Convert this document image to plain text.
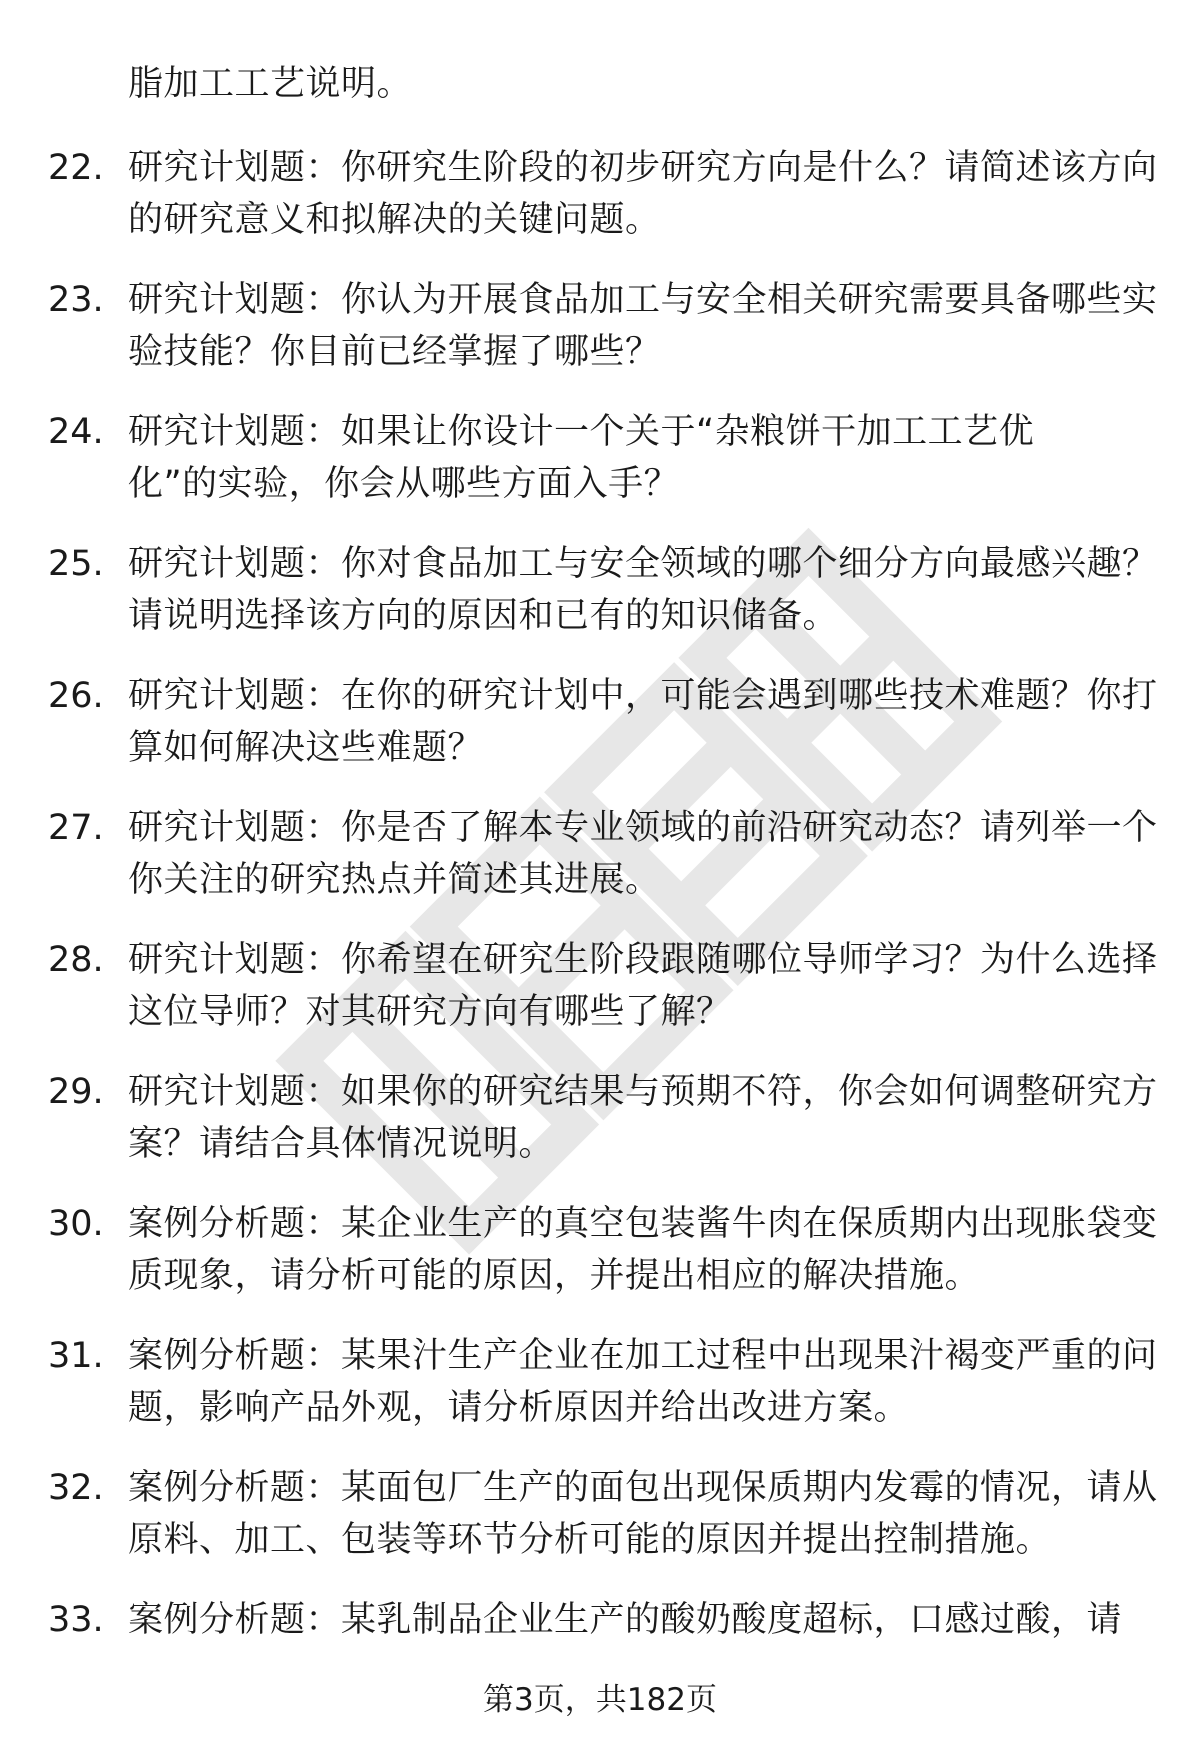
脂加工工艺说明。
22. 研究计划题：你研究生阶段的初步研究方向是什么？请简述该方向的研究意义和拟解决的关键问题。
23. 研究计划题：你认为开展食品加工与安全相关研究需要具备哪些实验技能？你目前已经掌握了哪些？
24. 研究计划题：如果让你设计一个关于“杂粮饼干加工工艺优化”的实验，你会从哪些方面入手？
25. 研究计划题：你对食品加工与安全领域的哪个细分方向最感兴趣？请说明选择该方向的原因和已有的知识储备。
26. 研究计划题：在你的研究计划中，可能会遇到哪些技术难题？你打算如何解决这些难题？
27. 研究计划题：你是否了解本专业领域的前沿研究动态？请列举一个你关注的研究热点并简述其进展。
28. 研究计划题：你希望在研究生阶段跟随哪位导师学习？为什么选择这位导师？对其研究方向有哪些了解？
29. 研究计划题：如果你的研究结果与预期不符，你会如何调整研究方案？请结合具体情况说明。
30. 案例分析题：某企业生产的真空包装酱牛肉在保质期内出现胀袋变质现象，请分析可能的原因，并提出相应的解决措施。
31. 案例分析题：某果汁生产企业在加工过程中出现果汁褐变严重的问题，影响产品外观，请分析原因并给出改进方案。
32. 案例分析题：某面包厂生产的面包出现保质期内发霉的情况，请从原料、加工、包装等环节分析可能的原因并提出控制措施。
33. 案例分析题：某乳制品企业生产的酸奶酸度超标，口感过酸，请
第3页，共182页
